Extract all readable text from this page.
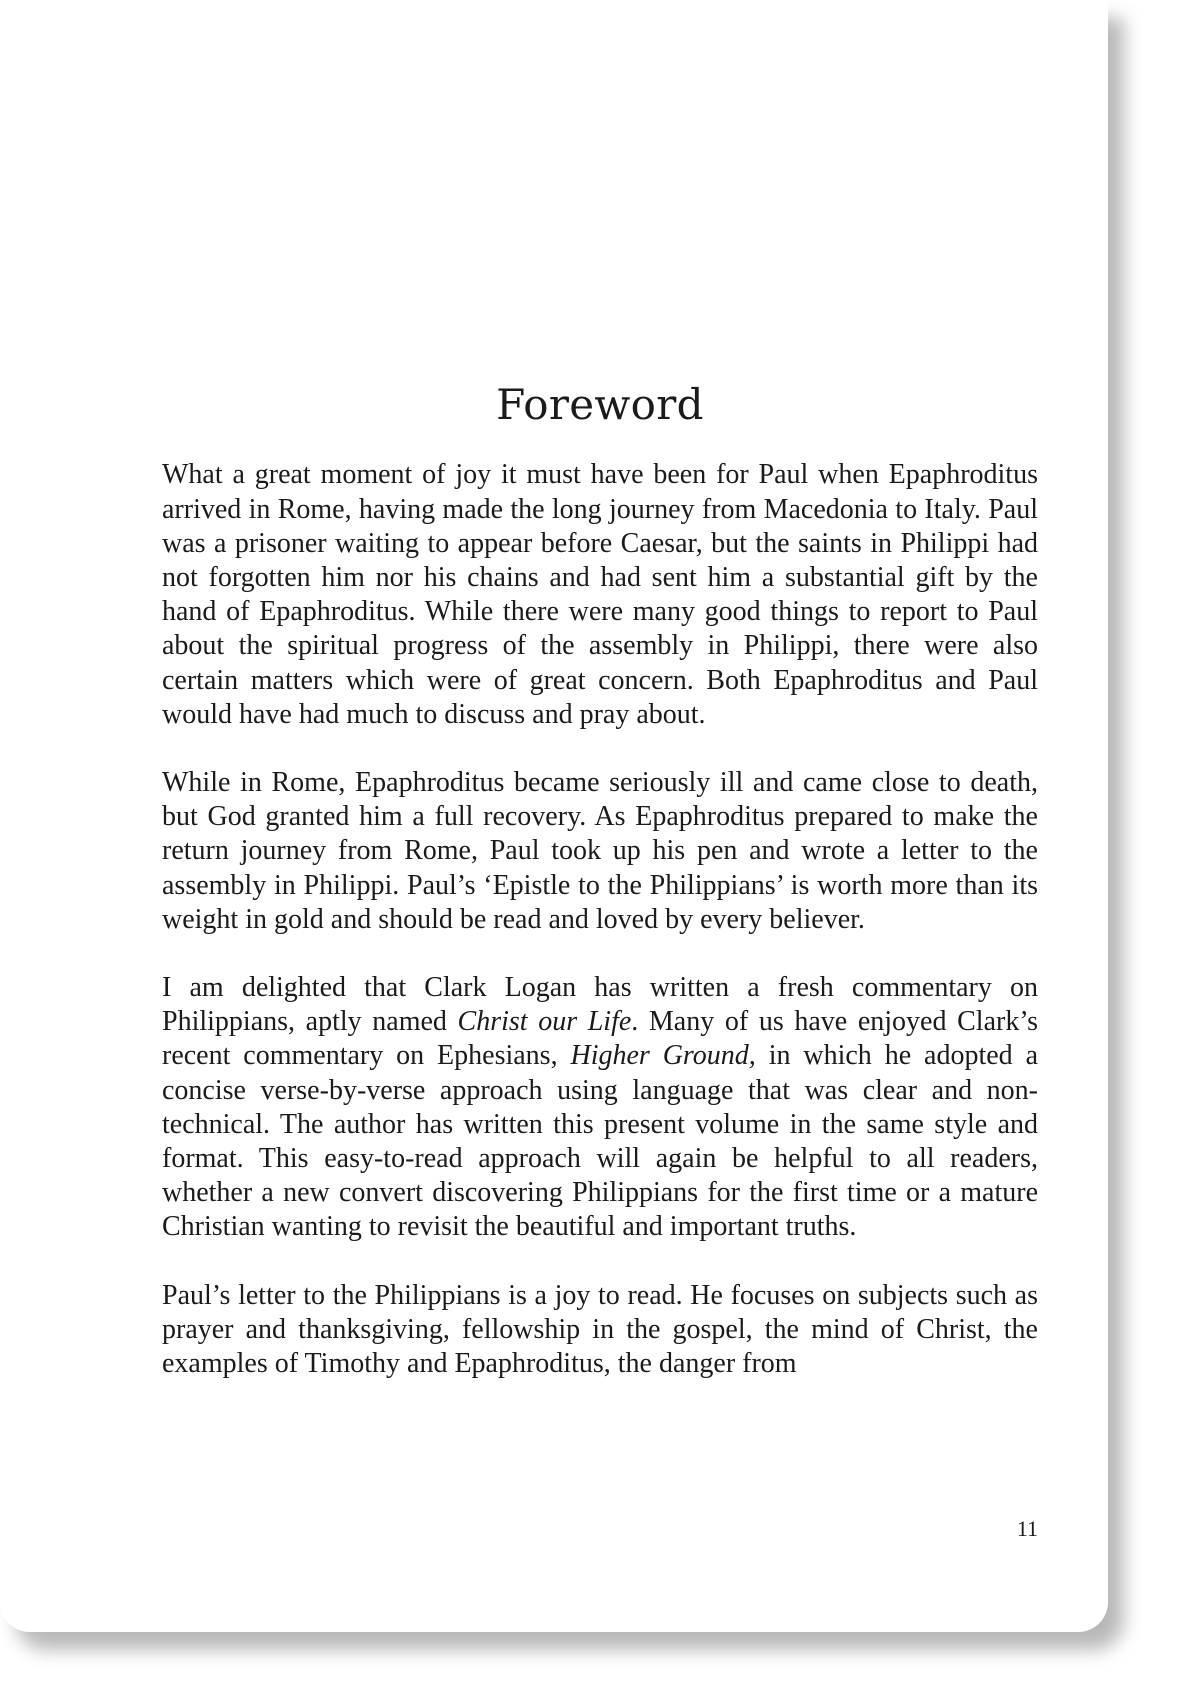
Foreword

What a great moment of joy it must have been for Paul when Epaphroditus arrived in Rome, having made the long journey from Macedonia to Italy. Paul was a prisoner waiting to appear before Caesar, but the saints in Philippi had not forgotten him nor his chains and had sent him a substantial gift by the hand of Epaphroditus. While there were many good things to report to Paul about the spiritual progress of the assembly in Philippi, there were also certain matters which were of great concern. Both Epaphroditus and Paul would have had much to discuss and pray about.

While in Rome, Epaphroditus became seriously ill and came close to death, but God granted him a full recovery. As Epaphroditus prepared to make the return journey from Rome, Paul took up his pen and wrote a letter to the assembly in Philippi. Paul’s ‘Epistle to the Philippians’ is worth more than its weight in gold and should be read and loved by every believer.

I am delighted that Clark Logan has written a fresh commentary on Philippians, aptly named Christ our Life. Many of us have enjoyed Clark’s recent commentary on Ephesians, Higher Ground, in which he adopted a concise verse-by-verse approach using language that was clear and non-technical. The author has written this present volume in the same style and format. This easy-to-read approach will again be helpful to all readers, whether a new convert discovering Philippians for the first time or a mature Christian wanting to revisit the beautiful and important truths.

Paul’s letter to the Philippians is a joy to read. He focuses on subjects such as prayer and thanksgiving, fellowship in the gospel, the mind of Christ, the examples of Timothy and Epaphroditus, the danger from

11
